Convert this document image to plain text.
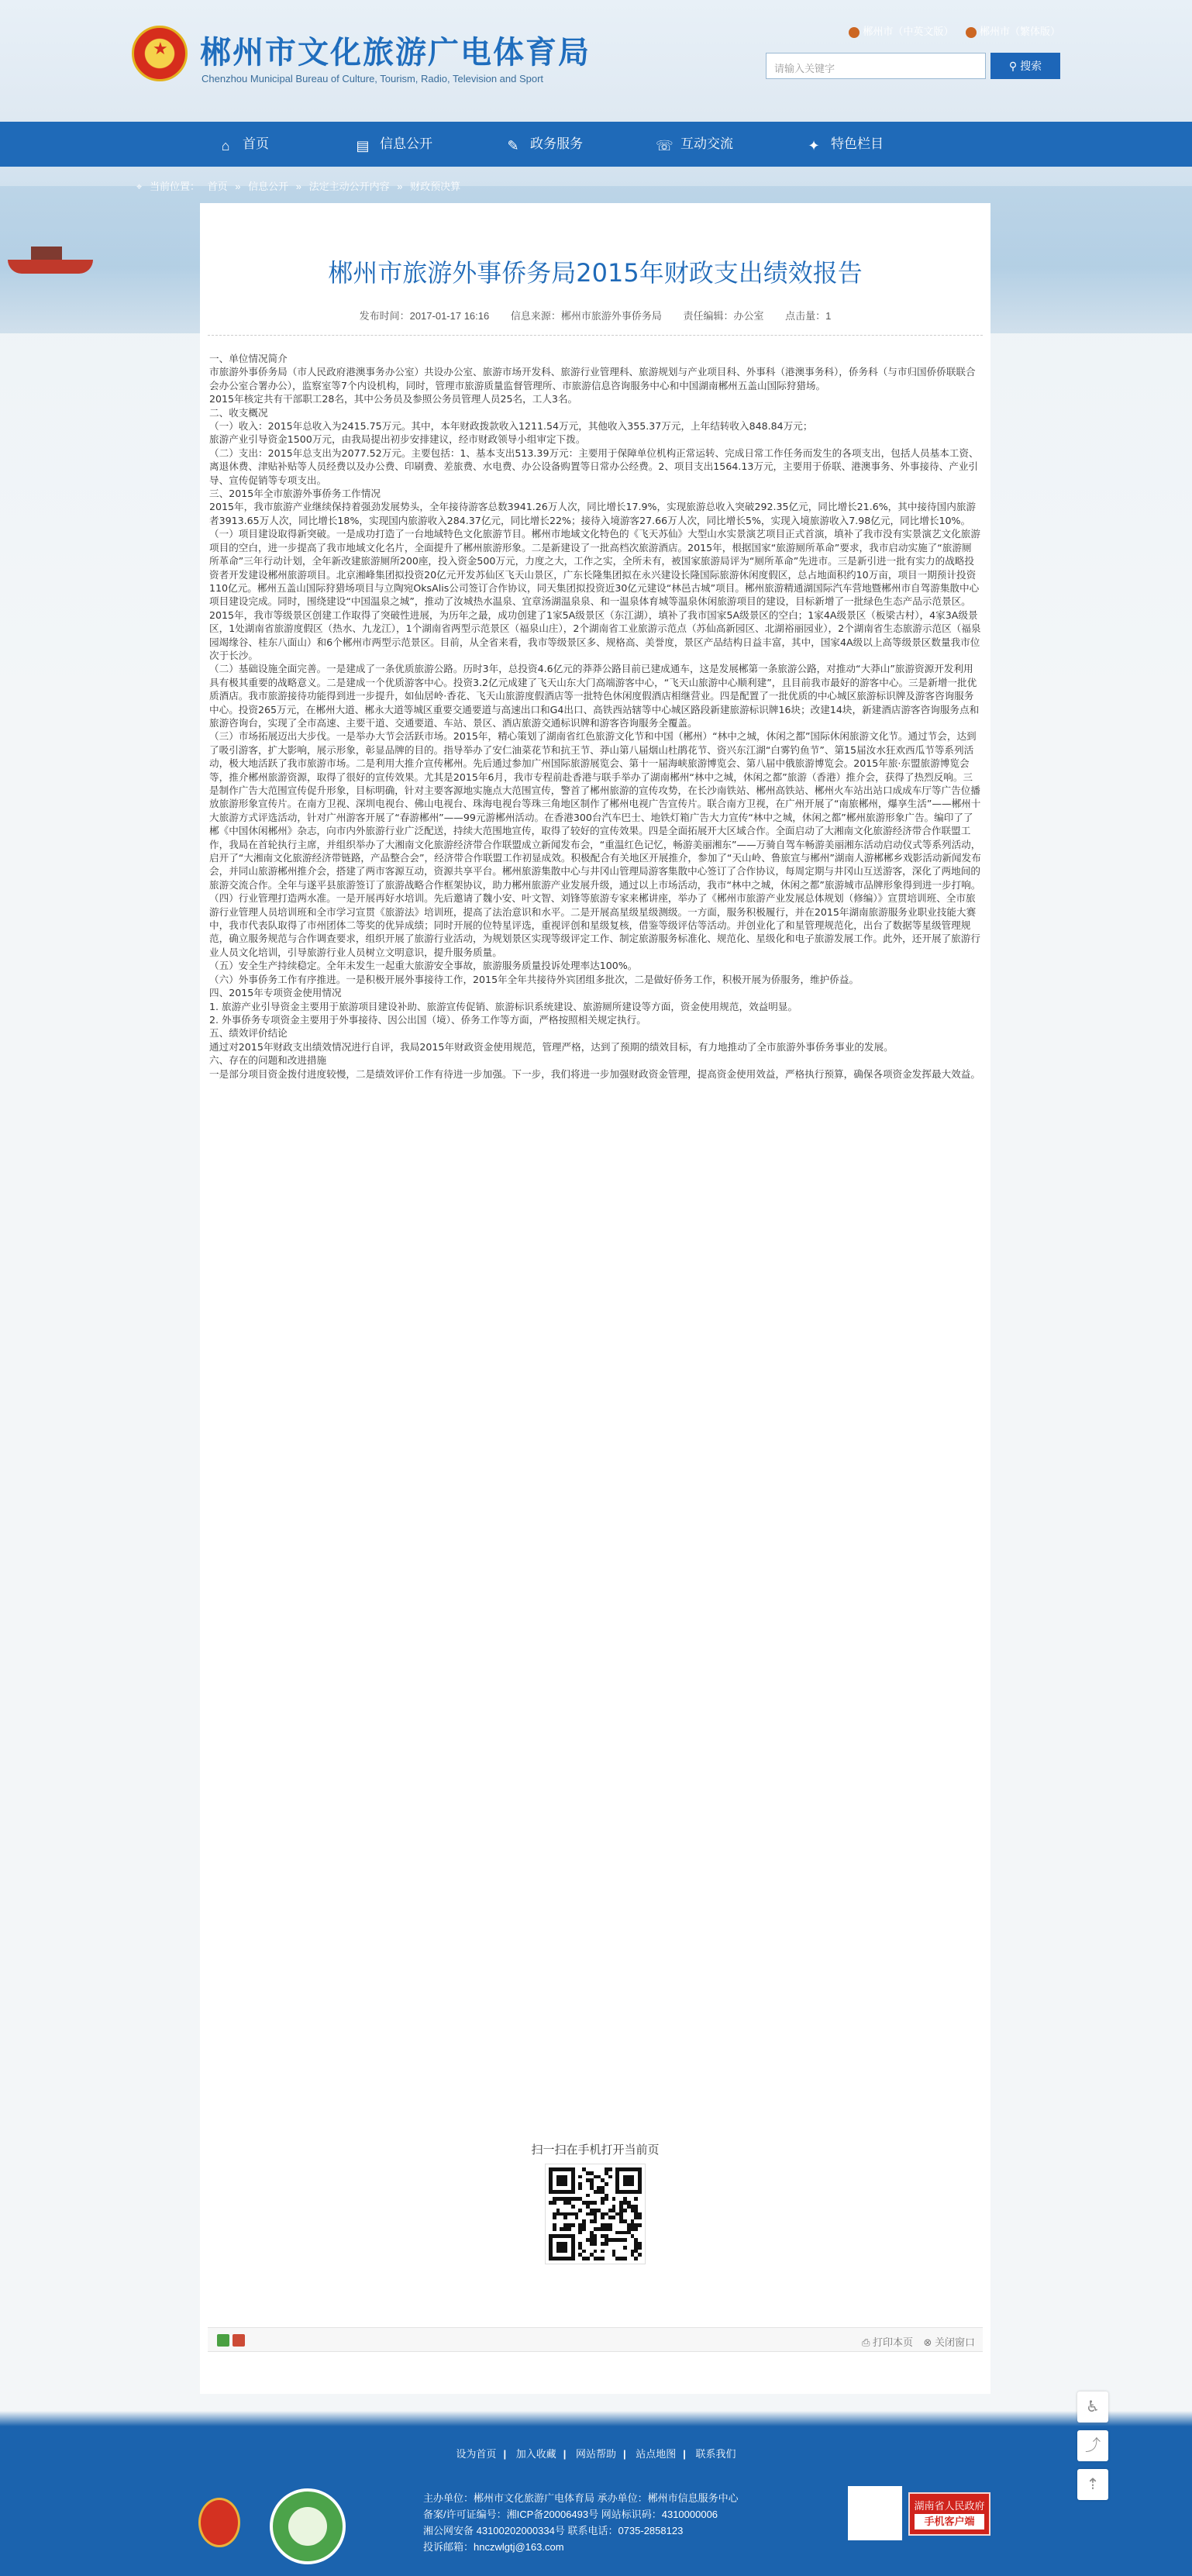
郴州市（中英文版）	郴州市（繁体版）
★
郴州市文化旅游广电体育局
Chenzhou Municipal Bureau of Culture, Tourism, Radio, Television and Sport
请输入关键字	⚲ 搜索
⌂ 首页	▤ 信息公开	✎ 政务服务	☏ 互动交流	✦ 特色栏目
⌖ 当前位置： 首页 » 信息公开 » 法定主动公开内容 » 财政预决算
郴州市旅游外事侨务局2015年财政支出绩效报告
发布时间：2017-01-17 16:16 信息来源：郴州市旅游外事侨务局 责任编辑：办公室 点击量：1

一、单位情况简介

市旅游外事侨务局（市人民政府港澳事务办公室）共设办公室、旅游市场开发科、旅游行业管理科、旅游规划与产业项目科、外事科（港澳事务科），侨务科（与市归国侨侨联联合会办公室合署办公），监察室等7个内设机构，同时，管理市旅游质量监督管理所、市旅游信息咨询服务中心和中国湖南郴州五盖山国际狩猎场。

2015年核定共有干部职工28名，其中公务员及参照公务员管理人员25名，工人3名。

二、收支概况

（一）收入：2015年总收入为2415.75万元。其中，本年财政拨款收入1211.54万元，其他收入355.37万元，上年结转收入848.84万元；

旅游产业引导资金1500万元，由我局提出初步安排建议，经市财政领导小组审定下拨。

（二）支出：2015年总支出为2077.52万元。主要包括：1、基本支出513.39万元：主要用于保障单位机构正常运转、完成日常工作任务而发生的各项支出，包括人员基本工资、离退休费、津贴补贴等人员经费以及办公费、印刷费、差旅费、水电费、办公设备购置等日常办公经费。2、项目支出1564.13万元，主要用于侨联、港澳事务、外事接待、产业引导、宣传促销等专项支出。

三、2015年全市旅游外事侨务工作情况

2015年，我市旅游产业继续保持着强劲发展势头，全年接待游客总数3941.26万人次，同比增长17.9%，实现旅游总收入突破292.35亿元，同比增长21.6%，其中接待国内旅游者3913.65万人次，同比增长18%，实现国内旅游收入284.37亿元，同比增长22%；接待入境游客27.66万人次，同比增长5%，实现入境旅游收入7.98亿元，同比增长10%。

（一）项目建设取得新突破。一是成功打造了一台地域特色文化旅游节目。郴州市地域文化特色的《飞天苏仙》大型山水实景演艺项目正式首演，填补了我市没有实景演艺文化旅游项目的空白，进一步提高了我市地域文化名片，全面提升了郴州旅游形象。二是新建设了一批高档次旅游酒店。2015年，根据国家“旅游厕所革命”要求，我市启动实施了“旅游厕所革命”三年行动计划，全年新改建旅游厕所200座，投入资金500万元，力度之大，工作之实，全所未有，被国家旅游局评为“厕所革命”先进市。三是新引进一批有实力的战略投资者开发建设郴州旅游项目。北京湘峰集团拟投资20亿元开发苏仙区飞天山景区，广东长隆集团拟在永兴建设长隆国际旅游休闲度假区，总占地面积约10万亩，项目一期预计投资110亿元。郴州五盖山国际狩猎场项目与立陶宛OksAlis公司签订合作协议，同天集团拟投资近30亿元建设“林邑古城”项目。郴州旅游精通湖国际汽车营地暨郴州市自驾游集散中心项目建设完成。同时，围绕建设“中国温泉之城”，推动了汝城热水温泉、宜章汤湖温泉泉、和一温泉体育城等温泉休闲旅游项目的建设，目标新增了一批绿色生态产品示范景区。2015年，我市等级景区创建工作取得了突破性进展，为历年之最，成功创建了1家5A级景区（东江湖），填补了我市国家5A级景区的空白；1家4A级景区（板梁古村），4家3A级景区，1处湖南省旅游度假区（热水、九龙江），1个湖南省两型示范景区（福泉山庄），2个湖南省工业旅游示范点（苏仙高新园区、北湖裕丽园业），2个湖南省生态旅游示范区（福泉园竭缘谷、桂东八面山）和6个郴州市两型示范景区。目前，从全省来看，我市等级景区多、规格高、美誉度，景区产品结构日益丰富，其中，国家4A级以上高等级景区数量我市位次于长沙。

（二）基础设施全面完善。一是建成了一条优质旅游公路。历时3年，总投资4.6亿元的莽莽公路目前已建成通车，这是发展郴第一条旅游公路，对推动“大莽山”旅游资源开发利用具有极其重要的战略意义。二是建成一个优质游客中心。投资3.2亿元成建了飞天山东大门高端游客中心，“飞天山旅游中心顺利建”，且目前我市最好的游客中心。三是新增一批优质酒店。我市旅游接待功能得到进一步提升，如仙居岭·香花、飞天山旅游度假酒店等一批特色休闲度假酒店相继营业。四是配置了一批优质的中心城区旅游标识牌及游客咨询服务中心。投资265万元，在郴州大道、郴永大道等城区重要交通要道与高速出口和G4出口、高铁西站辖等中心城区路段新建旅游标识牌16块；改建14块，新建酒店游客咨询服务点和旅游咨询台，实现了全市高速、主要干道、交通要道、车站、景区、酒店旅游交通标识牌和游客咨询服务全覆盖。

（三）市场拓展迈出大步伐。一是举办大节会活跃市场。2015年，精心策划了湖南省红色旅游文化节和中国（郴州）“林中之城，休闲之都”国际休闲旅游文化节。通过节会，达到了吸引游客，扩大影响，展示形象，彰显品牌的目的。指导举办了安仁油菜花节和抗王节、莽山第八届烟山杜鹃花节、资兴东江湖“白雾钓鱼节”、第15届汝水狂欢西瓜节等系列活动，极大地活跃了我市旅游市场。二是利用大推介宣传郴州。先后通过参加广州国际旅游展览会、第十一届海峡旅游博览会、第八届中俄旅游博览会。2015年旅·东盟旅游博览会等，推介郴州旅游资源，取得了很好的宣传效果。尤其是2015年6月，我市专程前赴香港与联手举办了湖南郴州“林中之城，休闲之都”旅游（香港）推介会，获得了热烈反响。三是制作广告大范围宣传促升形象，目标明确，针对主要客源地实施点大范围宣传，警首了郴州旅游的宣传攻势，在长沙南铁站、郴州高铁站、郴州火车站出站口成成车厅等广告位播放旅游形象宣传片。在南方卫视、深圳电视台、佛山电视台、珠海电视台等珠三角地区制作了郴州电视广告宣传片。联合南方卫视，在广州开展了“南旅郴州，爆享生活”——郴州十大旅游方式评选活动，针对广州游客开展了“春游郴州”——99元游郴州活动。在香港300台汽车巴士、地铁灯箱广告大力宣传“林中之城，休闲之都”郴州旅游形象广告。编印了了郴《中国休闲郴州》杂志，向市内外旅游行业广泛配送，持续大范围地宣传，取得了较好的宣传效果。四是全面拓展开大区域合作。全面启动了大湘南文化旅游经济带合作联盟工作，我局在首轮执行主席，并组织举办了大湘南文化旅游经济带合作联盟成立新闻发布会，“重温红色记忆，畅游美丽湘东”——万骑自驾车畅游美丽湘东活动启动仪式等系列活动，启开了“大湘南文化旅游经济带链路，产品整合会”，经济带合作联盟工作初显成效。积极配合有关地区开展推介，参加了“天山岭、鲁旅宣与郴州”湖南人游郴郴乡戏影活动新闻发布会，并同山旅游郴州推介会，搭建了两市客源互动，资源共享平台。郴州旅游集散中心与井冈山管理局游客集散中心签订了合作协议，每周定期与井冈山互送游客，深化了两地间的旅游交流合作。全年与遂平县旅游签订了旅游战略合作框架协议，助力郴州旅游产业发展升级，通过以上市场活动，我市“林中之城，休闲之都”旅游城市品牌形象得到进一步打响。

（四）行业管理打造两水准。一是开展再好水培训。先后邀请了魏小安、叶文智、刘锋等旅游专家来郴讲座，举办了《郴州市旅游产业发展总体规划（修编）》宣贯培训班、全市旅游行业管理人员培训班和全市学习宣贯《旅游法》培训班，提高了法治意识和水平。二是开展高星级星级测级。一方面，服务积极履行，并在2015年湖南旅游服务业职业技能大赛中，我市代表队取得了市州团体二等奖的优异成绩；同时开展的位特星评选，重视评创和星级复核，借鉴等级评估等活动。并创业化了和星管理规范化，出台了数据等星级管理规范，确立服务规范与合作调查要求，组织开展了旅游行业活动，为规划景区实现等级评定工作、制定旅游服务标准化、规范化、星级化和电子旅游发展工作。此外，还开展了旅游行业人员文化培训，引导旅游行业人员树立文明意识，提升服务质量。

（五）安全生产持续稳定。全年未发生一起重大旅游安全事故，旅游服务质量投诉处理率达100%。

（六）外事侨务工作有序推进。一是积极开展外事接待工作，2015年全年共接待外宾团组多批次，二是做好侨务工作，积极开展为侨服务，维护侨益。

四、2015年专项资金使用情况

1. 旅游产业引导资金主要用于旅游项目建设补助、旅游宣传促销、旅游标识系统建设、旅游厕所建设等方面，资金使用规范，效益明显。

2. 外事侨务专项资金主要用于外事接待、因公出国（境）、侨务工作等方面，严格按照相关规定执行。

五、绩效评价结论

通过对2015年财政支出绩效情况进行自评，我局2015年财政资金使用规范，管理严格，达到了预期的绩效目标，有力地推动了全市旅游外事侨务事业的发展。

六、存在的问题和改进措施

一是部分项目资金拨付进度较慢，二是绩效评价工作有待进一步加强。下一步，我们将进一步加强财政资金管理，提高资金使用效益，严格执行预算，确保各项资金发挥最大效益。

扫一扫在手机打开当前页
⎙ 打印本页 ⊗ 关闭窗口
♿
⤴
⇡
设为首页 | 加入收藏 | 网站帮助 | 站点地图 | 联系我们
主办单位：郴州市文化旅游广电体育局 承办单位：郴州市信息服务中心
备案/许可证编号：湘ICP备20006493号 网站标识码：4310000006
湘公网安备 43100202000334号 联系电话：0735-2858123
投诉邮箱：hnczwlgtj@163.com
湖南省人民政府
手机客户端
